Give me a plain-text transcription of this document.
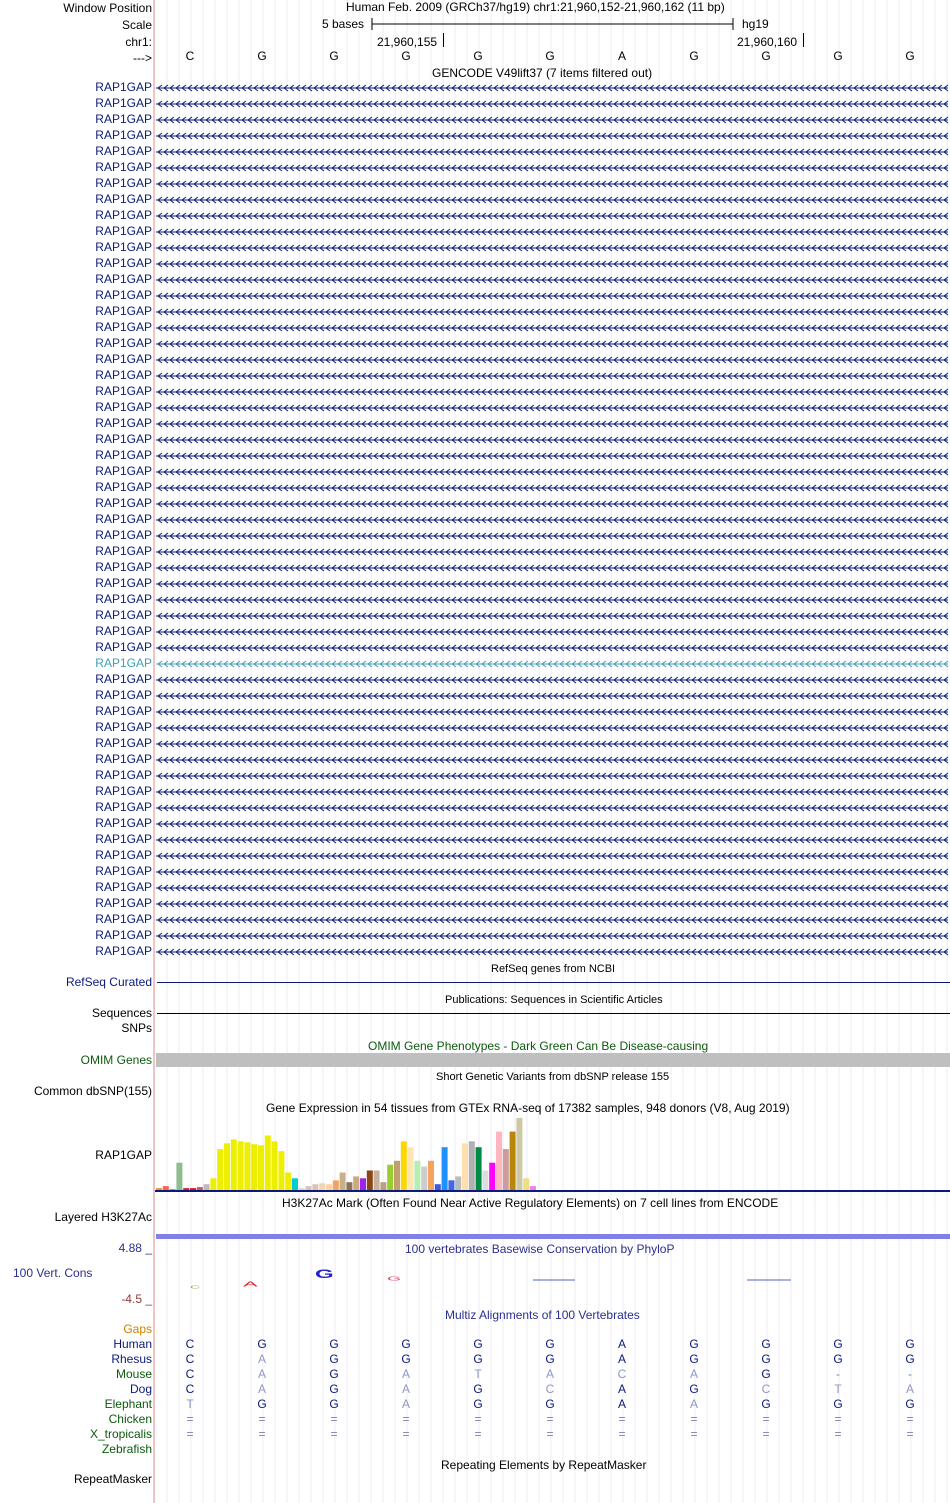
Window Position	Human Feb. 2009 (GRCh37/hg19) chr1:21,960,152-21,960,162 (11 bp)
Scale	5 bases	hg19
chr1:	21,960,155	21,960,160
--->	C	G	G	G	G	G	A	G	G	G	G
GENCODE V49lift37 (7 items filtered out)
RAP1GAP
RAP1GAP
RAP1GAP
RAP1GAP
RAP1GAP
RAP1GAP
RAP1GAP
RAP1GAP
RAP1GAP
RAP1GAP
RAP1GAP
RAP1GAP
RAP1GAP
RAP1GAP
RAP1GAP
RAP1GAP
RAP1GAP
RAP1GAP
RAP1GAP
RAP1GAP
RAP1GAP
RAP1GAP
RAP1GAP
RAP1GAP
RAP1GAP
RAP1GAP
RAP1GAP
RAP1GAP
RAP1GAP
RAP1GAP
RAP1GAP
RAP1GAP
RAP1GAP
RAP1GAP
RAP1GAP
RAP1GAP
RAP1GAP
RAP1GAP
RAP1GAP
RAP1GAP
RAP1GAP
RAP1GAP
RAP1GAP
RAP1GAP
RAP1GAP
RAP1GAP
RAP1GAP
RAP1GAP
RAP1GAP
RAP1GAP
RAP1GAP
RAP1GAP
RAP1GAP
RAP1GAP
RAP1GAP
RefSeq genes from NCBI
RefSeq Curated
Publications: Sequences in Scientific Articles
Sequences
SNPs
OMIM Gene Phenotypes - Dark Green Can Be Disease-causing
OMIM Genes
Short Genetic Variants from dbSNP release 155
Common dbSNP(155)
Gene Expression in 54 tissues from GTEx RNA-seq of 17382 samples, 948 donors (V8, Aug 2019)
RAP1GAP
H3K27Ac Mark (Often Found Near Active Regulatory Elements) on 7 cell lines from ENCODE
Layered H3K27Ac
100 vertebrates Basewise Conservation by PhyloP
4.88 _
100 Vert. Cons
-4.5 _
C A
G	G
Multiz Alignments of 100 Vertebrates
Gaps
Human	C	G	G	G	G	G	A	G	G	G	G
Rhesus	C	A	G	G	G	G	A	G	G	G	G
Mouse	C	A	G	A	T	A	C	A	G	-	-
Dog	C	A	G	A	G	C	A	G	C	T	A
Elephant	T	G	G	A	G	G	A	A	G	G	G
Chicken	=	=	=	=	=	=	=	=	=	=	=
X_tropicalis	=	=	=	=	=	=	=	=	=	=	=
Zebrafish
Repeating Elements by RepeatMasker
RepeatMasker
